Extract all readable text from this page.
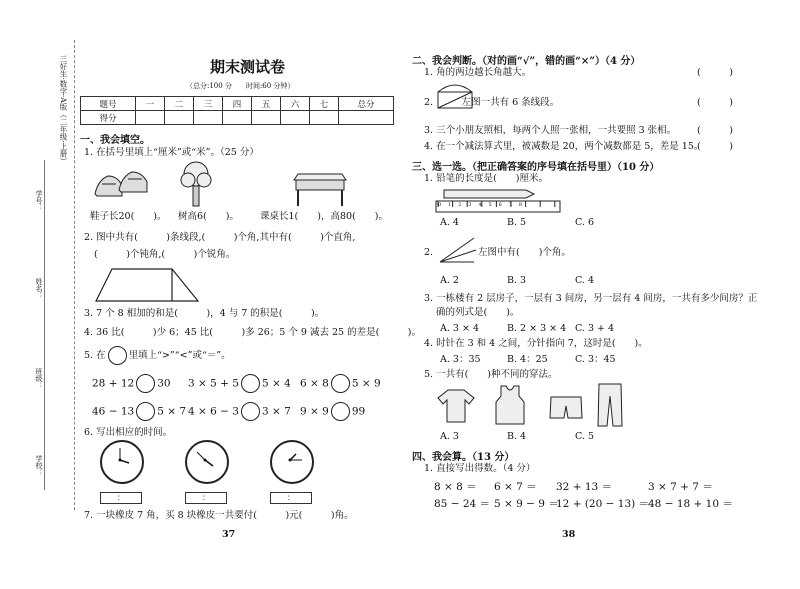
三好生·数学·A版（二年级·上册）
学校：
班级：
姓名：
学号：
期末测试卷
（总分:100 分　　时间:60 分钟）
题号	一	二	三	四	五	六	七	总分
得分								
一、我会填空。
1. 在括号里填上“厘米”或“米”。（25 分）
鞋子长20(　　)。 树高6(　　)。 课桌长1(　　)，高80(　　)。
2. 图中共有(　　　)条线段,(　　　)个角,其中有(　　　)个直角,
(　　　)个钝角,(　　　)个锐角。
3. 7 个 8 相加的和是(　　　)，4 与 7 的积是(　　　)。
4. 36 比(　　　)少 6；45 比(　　　)多 26；5 个 9 减去 25 的差是(　　　)。
5. 在 里填上“>”“<”或“＝”。
28 + 12 30 3 × 5 + 5 5 × 4 6 × 8 5 × 9
46 − 13 5 × 7 4 × 6 − 3 3 × 7 9 × 9 99
6. 写出相应的时间。
：	：	：
7. 一块橡皮 7 角，买 8 块橡皮一共要付(　　　)元(　　　)角。
37
二、我会判断。（对的画“√”，错的画“×”）（4 分）
1. 角的两边越长角越大。	(　　　)
2.　　　左图一共有 6 条线段。	(　　　)
3. 三个小朋友照相，每两个人照一张相，一共要照 3 张相。 (　　　)
4. 在一个减法算式里，被减数是 20，两个减数都是 5，差是 15。
(　　　)
三、选一选。（把正确答案的序号填在括号里）（10 分）
1. 铅笔的长度是(　　)厘米。
012345678
A. 4	B. 5	C. 6
2.	左图中有(　　)个角。
A. 2	B. 3	C. 4
3. 一栋楼有 2 层房子，一层有 3 间房，另一层有 4 间房，一共有多少间房？正
确的列式是(　　)。
A. 3 × 4	B. 2 × 3 × 4 C. 3 + 4
4. 时针在 3 和 4 之间，分针指向 7，这时是(　　)。
A. 3：35	B. 4：25	C. 3：45
5. 一共有(　　)种不同的穿法。
A. 3	B. 4	C. 5
四、我会算。（13 分）
1. 直接写出得数。（4 分）
8 × 8 ＝ 6 × 7 ＝ 32 + 13 ＝	3 × 7 + 7 ＝
85 − 24 ＝ 5 × 9 − 9 ＝
12 + (20 − 13) ＝
48 − 18 + 10 ＝
38
